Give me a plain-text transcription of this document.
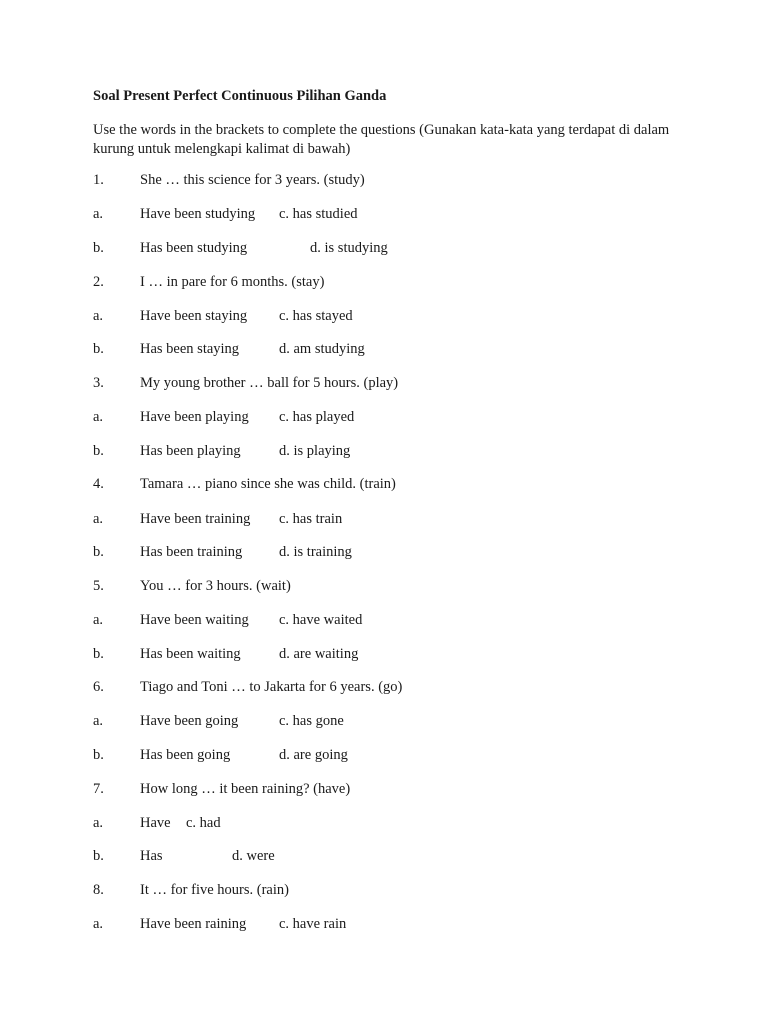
Soal Present Perfect Continuous Pilihan Ganda
Use the words in the brackets to complete the questions (Gunakan kata-kata yang terdapat di dalam kurung untuk melengkapi kalimat di bawah)
1. She … this science for 3 years. (study)
a.	Have been studying c. has studied
b. Has been studying	d. is studying
2. I … in pare for 6 months. (stay)
a.	Have been staying c. has stayed
b. Has been staying	d. am studying
3. My young brother … ball for 5 hours. (play)
a.	Have been playing c. has played
b. Has been playing	d. is playing
4. Tamara … piano since she was child. (train)
a.	Have been training c. has train
b. Has been training	d. is training
5. You … for 3 hours. (wait)
a.	Have been waiting c. have waited
b. Has been waiting	d. are waiting
6. Tiago and Toni … to Jakarta for 6 years. (go)
a.	Have been going	c. has gone
b. Has been going	d. are going
7. How long … it been raining? (have)
a.	Have c. had
b. Has	d. were
8. It … for five hours. (rain)
a.	Have been raining c. have rain
